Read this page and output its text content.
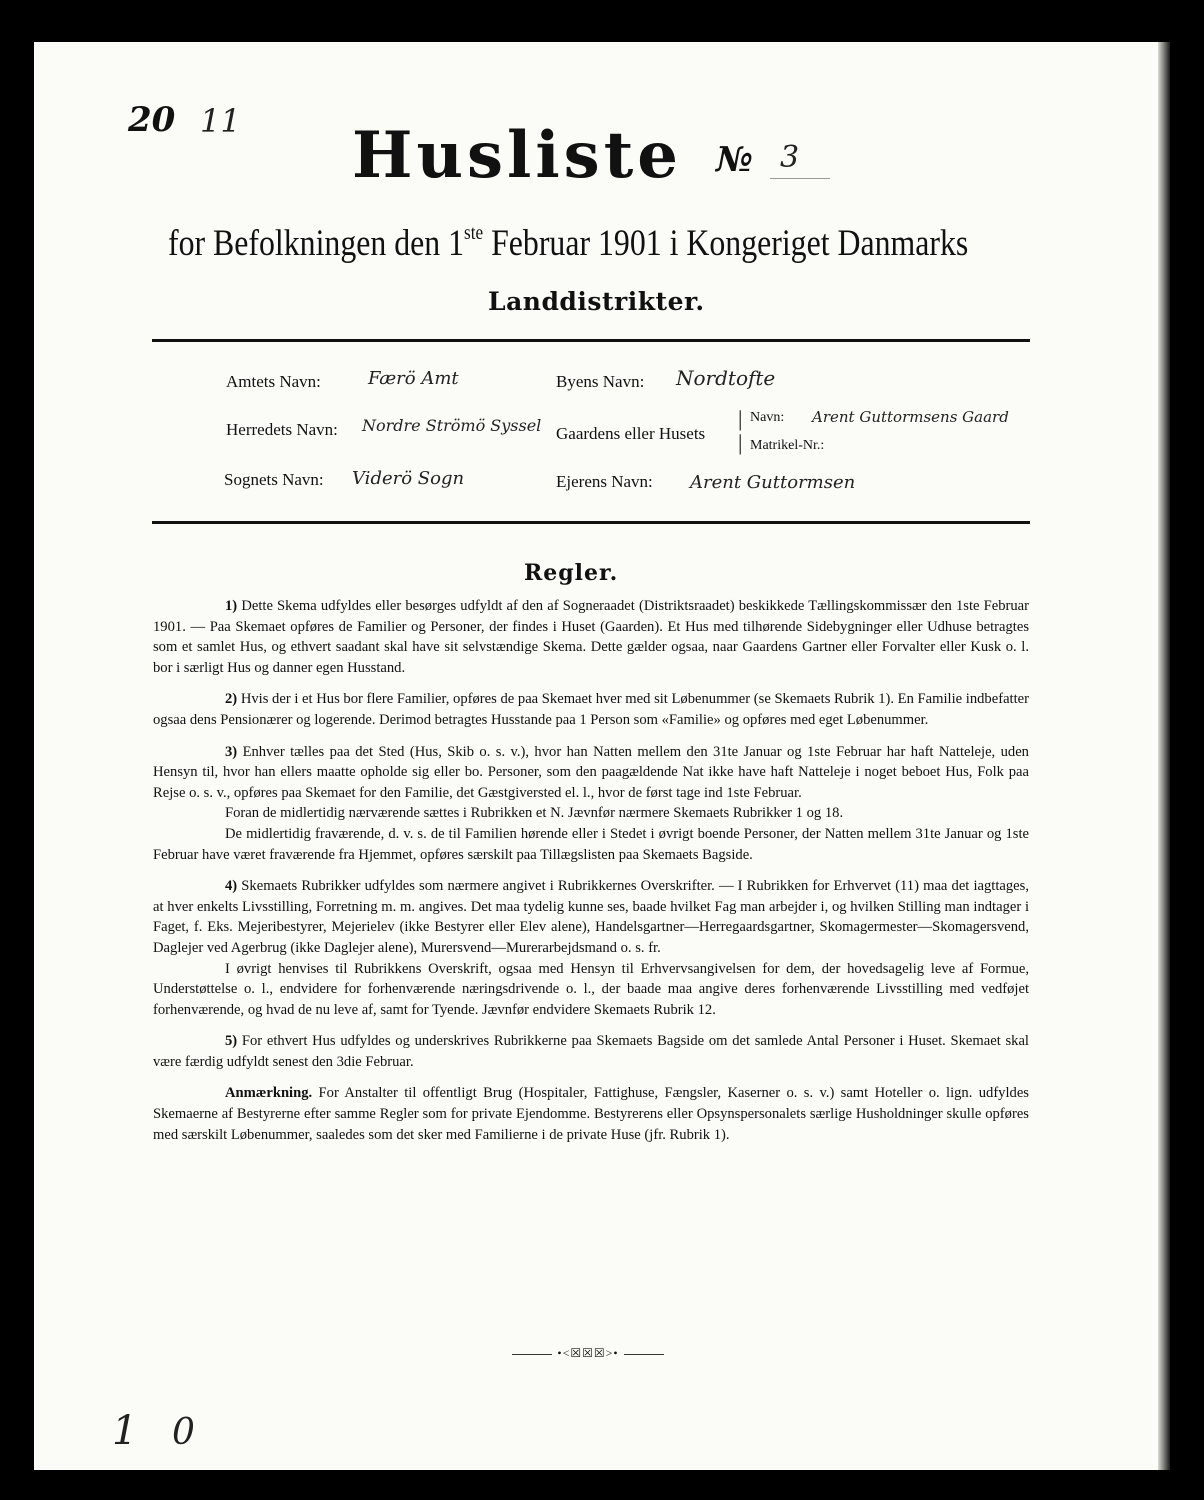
20 11 Husliste № 3
for Befolkningen den 1ste Februar 1901 i Kongeriget Danmarks
Landdistrikter.
Amtets Navn:	Færö Amt
Herredets Navn: Nordre Strömö Syssel
Sognets Navn: Viderö Sogn
Byens Navn: Nordtofte
Gaardens eller Husets
|
|
Navn: Arent Guttormsens Gaard
Matrikel-Nr.:
Ejerens Navn: Arent Guttormsen
Regler.

1) Dette Skema udfyldes eller besørges udfyldt af den af Sogneraadet (Distriktsraadet) beskikkede Tællingskommissær den 1ste Februar 1901. — Paa Skemaet opføres de Familier og Personer, der findes i Huset (Gaarden). Et Hus med tilhørende Sidebygninger eller Udhuse betragtes som et samlet Hus, og ethvert saadant skal have sit selvstændige Skema. Dette gælder ogsaa, naar Gaardens Gartner eller Forvalter eller Kusk o. l. bor i særligt Hus og danner egen Husstand.

2) Hvis der i et Hus bor flere Familier, opføres de paa Skemaet hver med sit Løbenummer (se Skemaets Rubrik 1). En Familie indbefatter ogsaa dens Pensionærer og logerende. Derimod betragtes Husstande paa 1 Person som «Familie» og opføres med eget Løbenummer.

3) Enhver tælles paa det Sted (Hus, Skib o. s. v.), hvor han Natten mellem den 31te Januar og 1ste Februar har haft Natteleje, uden Hensyn til, hvor han ellers maatte opholde sig eller bo. Personer, som den paagældende Nat ikke have haft Natteleje i noget beboet Hus, Folk paa Rejse o. s. v., opføres paa Skemaet for den Familie, det Gæstgiversted el. l., hvor de først tage ind 1ste Februar.

Foran de midlertidig nærværende sættes i Rubrikken et N. Jævnfør nærmere Skemaets Rubrikker 1 og 18.

De midlertidig fraværende, d. v. s. de til Familien hørende eller i Stedet i øvrigt boende Personer, der Natten mellem 31te Januar og 1ste Februar have været fraværende fra Hjemmet, opføres særskilt paa Tillægslisten paa Skemaets Bagside.

4) Skemaets Rubrikker udfyldes som nærmere angivet i Rubrikkernes Overskrifter. — I Rubrikken for Erhvervet (11) maa det iagttages, at hver enkelts Livsstilling, Forretning m. m. angives. Det maa tydelig kunne ses, baade hvilket Fag man arbejder i, og hvilken Stilling man indtager i Faget, f. Eks. Mejeribestyrer, Mejerielev (ikke Bestyrer eller Elev alene), Handelsgartner—Herregaardsgartner, Skomagermester—Skomagersvend, Daglejer ved Agerbrug (ikke Daglejer alene), Murersvend—Murerarbejdsmand o. s. fr.

I øvrigt henvises til Rubrikkens Overskrift, ogsaa med Hensyn til Erhvervsangivelsen for dem, der hovedsagelig leve af Formue, Understøttelse o. l., endvidere for forhenværende næringsdrivende o. l., der baade maa angive deres forhenværende Livsstilling med vedføjet forhenværende, og hvad de nu leve af, samt for Tyende. Jævnfør endvidere Skemaets Rubrik 12.

5) For ethvert Hus udfyldes og underskrives Rubrikkerne paa Skemaets Bagside om det samlede Antal Personer i Huset. Skemaet skal være færdig udfyldt senest den 3die Februar.

Anmærkning. For Anstalter til offentligt Brug (Hospitaler, Fattighuse, Fængsler, Kaserner o. s. v.) samt Hoteller o. lign. udfyldes Skemaerne af Bestyrerne efter samme Regler som for private Ejendomme. Bestyrerens eller Opsynspersonalets særlige Husholdninger skulle opføres med særskilt Løbenummer, saaledes som det sker med Familierne i de private Huse (jfr. Rubrik 1).

•<☒☒☒>•
1 0
